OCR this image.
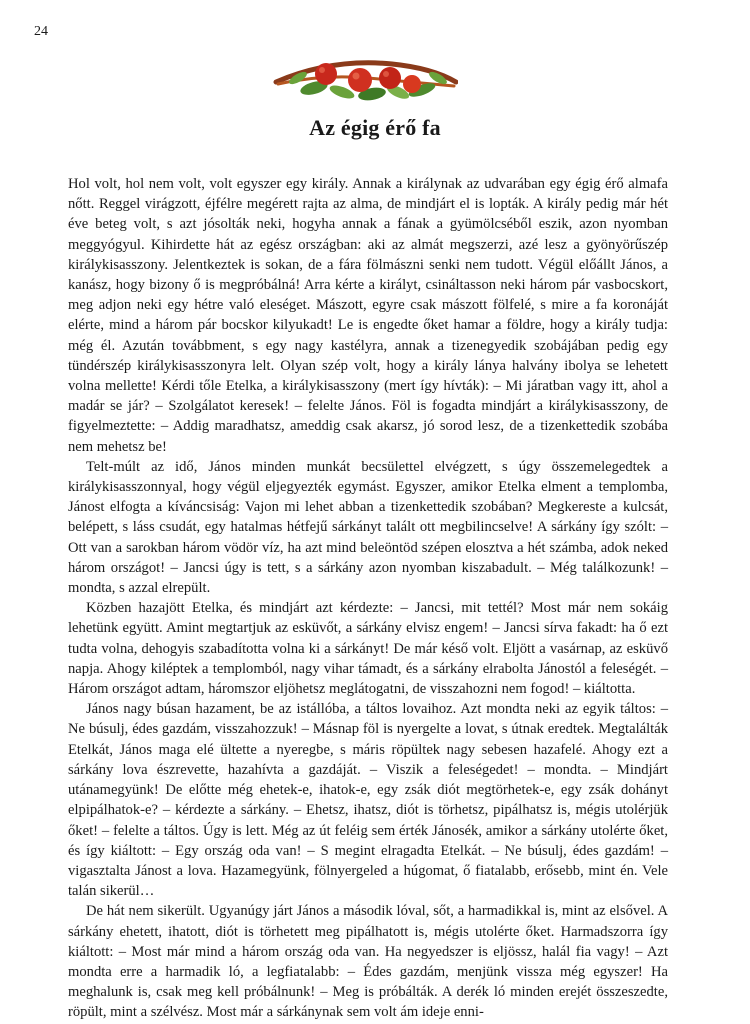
24
Az égig érő fa

Hol volt, hol nem volt, volt egyszer egy király. Annak a királynak az udvarában egy égig érő almafa nőtt. Reggel virágzott, éjfélre megérett rajta az alma, de mindjárt el is lopták. A király pedig már hét éve beteg volt, s azt jósolták neki, hogyha annak a fának a gyümölcséből eszik, azon nyomban meggyógyul. Kihirdette hát az egész országban: aki az almát megszerzi, azé lesz a gyönyörűszép királykisasszony. Jelentkeztek is sokan, de a fára fölmászni senki nem tudott. Végül előállt János, a kanász, hogy bizony ő is megpróbálná! Arra kérte a királyt, csináltasson neki három pár vasbocskort, meg adjon neki egy hétre való eleséget. Mászott, egyre csak mászott fölfelé, s mire a fa koronáját elérte, mind a három pár bocskor kilyukadt! Le is engedte őket hamar a földre, hogy a király tudja: még él. Azután továbbment, s egy nagy kastélyra, annak a tizenegyedik szobájában pedig egy tündérszép királykisasszonyra lelt. Olyan szép volt, hogy a király lánya halvány ibolya se lehetett volna mellette! Kérdi tőle Etelka, a királykisasszony (mert így hívták): – Mi járatban vagy itt, ahol a madár se jár? – Szolgálatot keresek! – felelte János. Föl is fogadta mindjárt a királykisasszony, de figyelmeztette: – Addig maradhatsz, ameddig csak akarsz, jó sorod lesz, de a tizenkettedik szobába nem mehetsz be!

Telt-múlt az idő, János minden munkát becsülettel elvégzett, s úgy összemelegedtek a királykisasszonnyal, hogy végül eljegyezték egymást. Egyszer, amikor Etelka elment a templomba, Jánost elfogta a kíváncsiság: Vajon mi lehet abban a tizenkettedik szobában? Megkereste a kulcsát, belépett, s láss csudát, egy hatalmas hétfejű sárkányt talált ott megbilincselve! A sárkány így szólt: – Ott van a sarokban három vödör víz, ha azt mind beleöntöd szépen elosztva a hét számba, adok neked három országot! – Jancsi úgy is tett, s a sárkány azon nyomban kiszabadult. – Még találkozunk! – mondta, s azzal elrepült.

Közben hazajött Etelka, és mindjárt azt kérdezte: – Jancsi, mit tettél? Most már nem sokáig lehetünk együtt. Amint megtartjuk az esküvőt, a sárkány elvisz engem! – Jancsi sírva fakadt: ha ő ezt tudta volna, dehogyis szabadította volna ki a sárkányt! De már késő volt. Eljött a vasárnap, az esküvő napja. Ahogy kiléptek a templomból, nagy vihar támadt, és a sárkány elrabolta Jánostól a feleségét. – Három országot adtam, háromszor eljöhetsz meglátogatni, de visszahozni nem fogod! – kiáltotta.

János nagy búsan hazament, be az istállóba, a táltos lovaihoz. Azt mondta neki az egyik táltos: – Ne búsulj, édes gazdám, visszahozzuk! – Másnap föl is nyergelte a lovat, s útnak eredtek. Megtalálták Etelkát, János maga elé ültette a nyeregbe, s máris röpültek nagy sebesen hazafelé. Ahogy ezt a sárkány lova észrevette, hazahívta a gazdáját. – Viszik a feleségedet! – mondta. – Mindjárt utánamegyünk! De előtte még ehetek-e, ihatok-e, egy zsák diót megtörhetek-e, egy zsák dohányt elpipálhatok-e? – kérdezte a sárkány. – Ehetsz, ihatsz, diót is törhetsz, pipálhatsz is, mégis utolérjük őket! – felelte a táltos. Úgy is lett. Még az út feléig sem érték Jánosék, amikor a sárkány utolérte őket, és így kiáltott: – Egy ország oda van! – S megint elragadta Etelkát. – Ne búsulj, édes gazdám! – vigasztalta Jánost a lova. Hazamegyünk, fölnyergeled a húgomat, ő fiatalabb, erősebb, mint én. Vele talán sikerül…

De hát nem sikerült. Ugyanúgy járt János a második lóval, sőt, a harmadikkal is, mint az elsővel. A sárkány ehetett, ihatott, diót is törhetett meg pipálhatott is, mégis utolérte őket. Harmadszorra így kiáltott: – Most már mind a három ország oda van. Ha negyedszer is eljössz, halál fia vagy! – Azt mondta erre a harmadik ló, a legfiatalabb: – Édes gazdám, menjünk vissza még egyszer! Ha meghalunk is, csak meg kell próbálnunk! – Meg is próbálták. A derék ló minden erejét összeszedte, röpült, mint a szélvész. Most már a sárkánynak sem volt ám ideje enni-
